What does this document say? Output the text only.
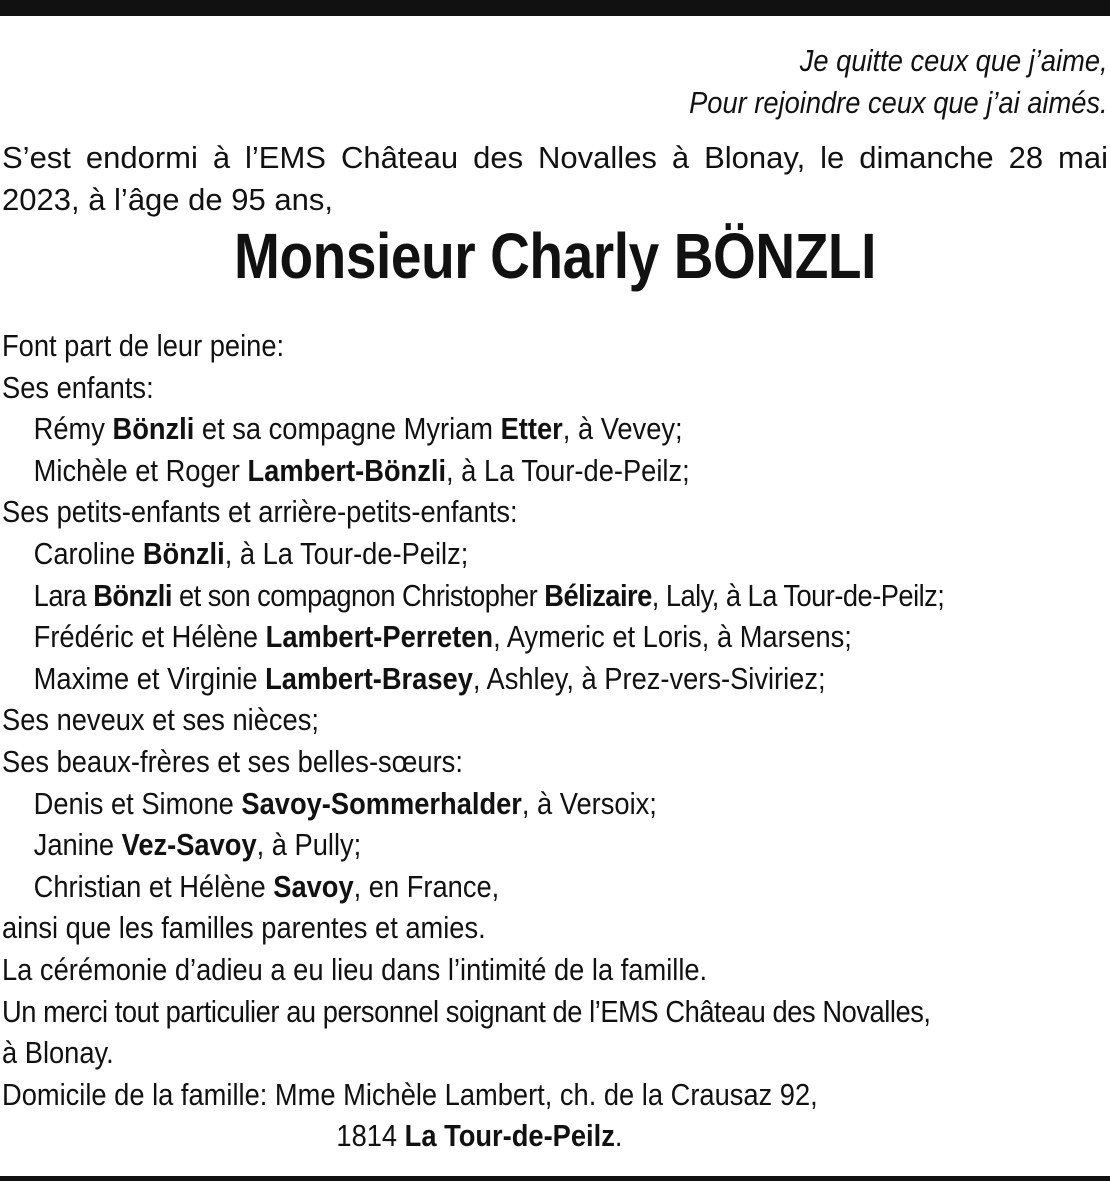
Je quitte ceux que j’aime,
Pour rejoindre ceux que j’ai aimés.
S’est endormi à l’EMS Château des Novalles à Blonay, le dimanche 28 mai 2023, à l’âge de 95 ans,
Monsieur Charly BÖNZLI
Font part de leur peine:
Ses enfants:
Rémy Bönzli et sa compagne Myriam Etter, à Vevey;
Michèle et Roger Lambert-Bönzli, à La Tour-de-Peilz;
Ses petits-enfants et arrière-petits-enfants:
Caroline Bönzli, à La Tour-de-Peilz;
Lara Bönzli et son compagnon Christopher Bélizaire, Laly, à La Tour-de-Peilz;
Frédéric et Hélène Lambert-Perreten, Aymeric et Loris, à Marsens;
Maxime et Virginie Lambert-Brasey, Ashley, à Prez-vers-Siviriez;
Ses neveux et ses nièces;
Ses beaux-frères et ses belles-sœurs:
Denis et Simone Savoy-Sommerhalder, à Versoix;
Janine Vez-Savoy, à Pully;
Christian et Hélène Savoy, en France,
ainsi que les familles parentes et amies.
La cérémonie d’adieu a eu lieu dans l’intimité de la famille.
Un merci tout particulier au personnel soignant de l’EMS Château des Novalles,
à Blonay.
Domicile de la famille: Mme Michèle Lambert, ch. de la Crausaz 92,
1814 La Tour-de-Peilz.
